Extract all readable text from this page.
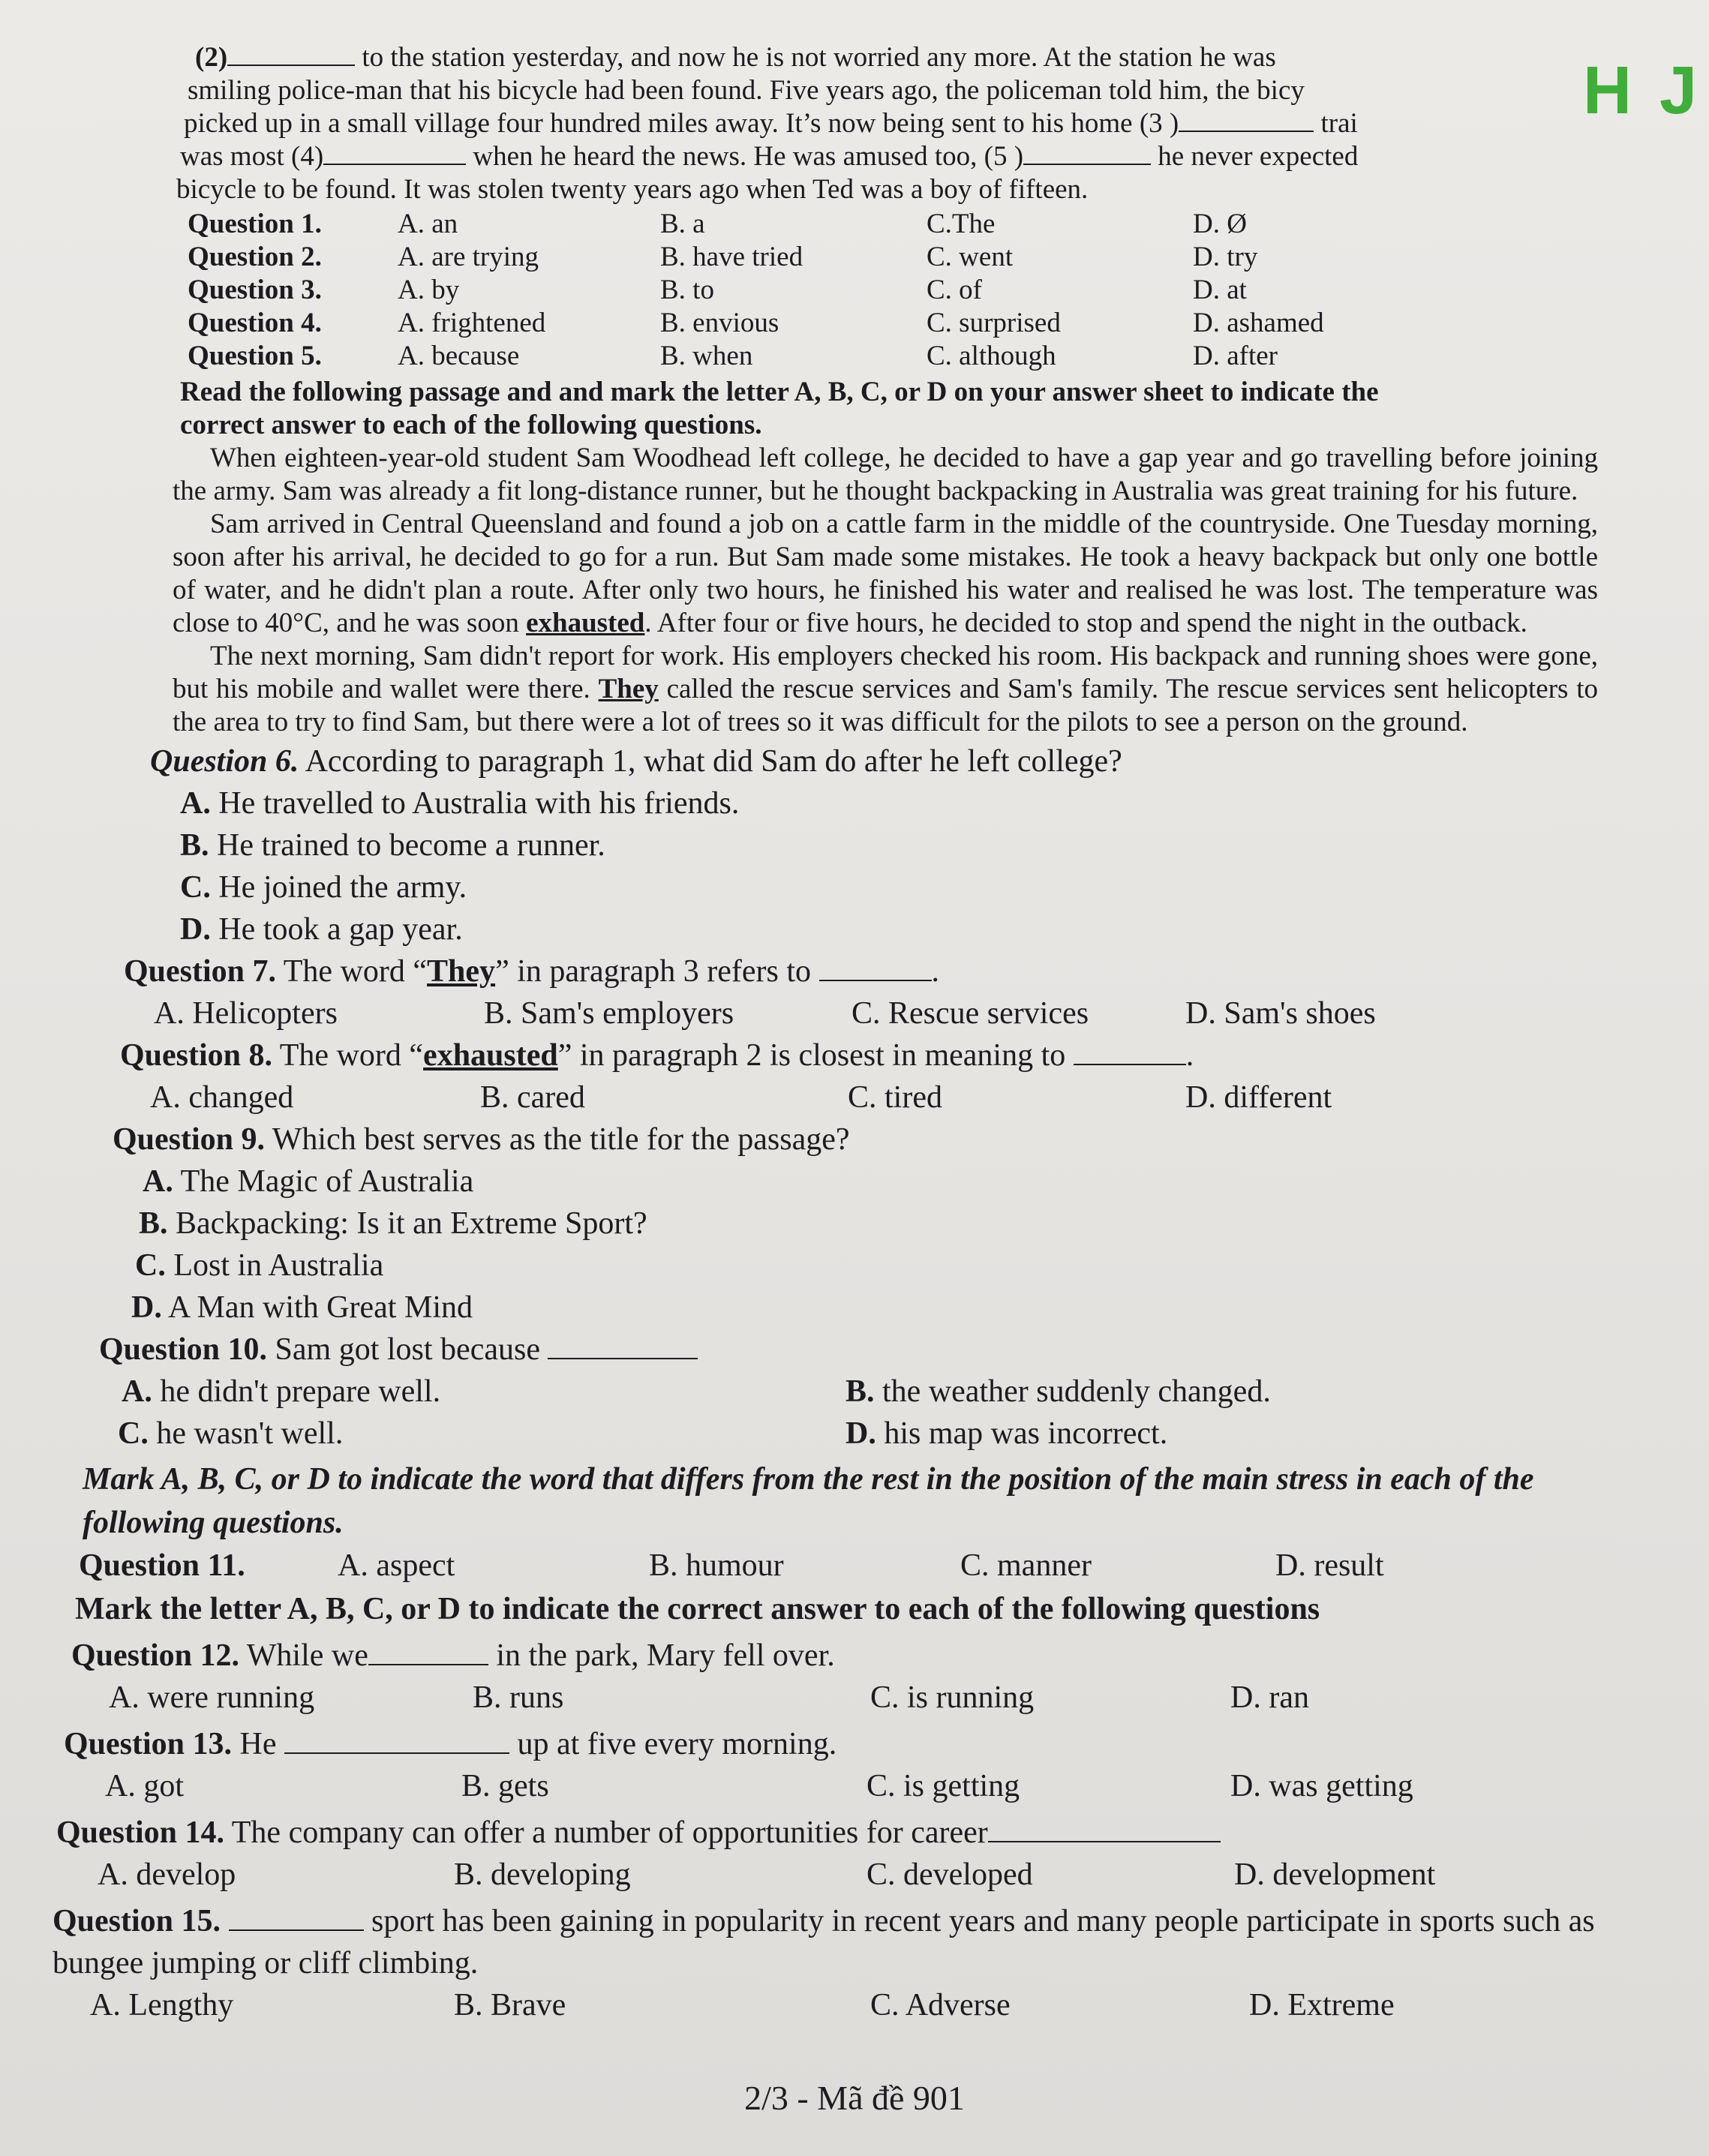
H J

(2)	to the station yesterday, and now he is not worried any more. At the station he was

smiling police-man that his bicycle had been found. Five years ago, the policeman told him, the bicy

picked up in a small village four hundred miles away. It’s now being sent to his home (3 )	trai

was most (4)	when he heard the news. He was amused too, (5 )	he never expected

bicycle to be found. It was stolen twenty years ago when Ted was a boy of fifteen.

Question 1.	A. an	B. a	C.The	D. Ø
Question 2.	A. are trying	B. have tried	C. went	D. try
Question 3.	A. by	B. to	C. of	D. at
Question 4.	A. frightened	B. envious	C. surprised	D. ashamed
Question 5.	A. because	B. when	C. although	D. after

Read the following passage and and mark the letter A, B, C, or D on your answer sheet to indicate the

correct answer to each of the following questions.

When eighteen-year-old student Sam Woodhead left college, he decided to have a gap year and go travelling before joining the army. Sam was already a fit long-distance runner, but he thought backpacking in Australia was great training for his future.

Sam arrived in Central Queensland and found a job on a cattle farm in the middle of the countryside. One Tuesday morning, soon after his arrival, he decided to go for a run. But Sam made some mistakes. He took a heavy backpack but only one bottle of water, and he didn't plan a route. After only two hours, he finished his water and realised he was lost. The temperature was close to 40°C, and he was soon exhausted. After four or five hours, he decided to stop and spend the night in the outback.

The next morning, Sam didn't report for work. His employers checked his room. His backpack and running shoes were gone, but his mobile and wallet were there. They called the rescue services and Sam's family. The rescue services sent helicopters to the area to try to find Sam, but there were a lot of trees so it was difficult for the pilots to see a person on the ground.

Question 6. According to paragraph 1, what did Sam do after he left college?

A. He travelled to Australia with his friends.

B. He trained to become a runner.

C. He joined the army.

D. He took a gap year.

Question 7. The word “They” in paragraph 3 refers to	.

A. Helicopters	B. Sam's employers	C. Rescue services	D. Sam's shoes

Question 8. The word “exhausted” in paragraph 2 is closest in meaning to	.

A. changed	B. cared	C. tired	D. different

Question 9. Which best serves as the title for the passage?

A. The Magic of Australia

B. Backpacking: Is it an Extreme Sport?

C. Lost in Australia

D. A Man with Great Mind

Question 10. Sam got lost because

A. he didn't prepare well.	B. the weather suddenly changed.
C. he wasn't well.	D. his map was incorrect.

Mark A, B, C, or D to indicate the word that differs from the rest in the position of the main stress in each of the following questions.

Question 11.	A. aspect	B. humour	C. manner	D. result

Mark the letter A, B, C, or D to indicate the correct answer to each of the following questions

Question 12. While we	in the park, Mary fell over.

A. were running	B. runs	C. is running	D. ran

Question 13. He	up at five every morning.

A. got	B. gets	C. is getting	D. was getting

Question 14. The company can offer a number of opportunities for career

A. develop	B. developing	C. developed	D. development

Question 15.	sport has been gaining in popularity in recent years and many people participate in sports such as bungee jumping or cliff climbing.

A. Lengthy	B. Brave	C. Adverse	D. Extreme
2/3 - Mã đề 901
